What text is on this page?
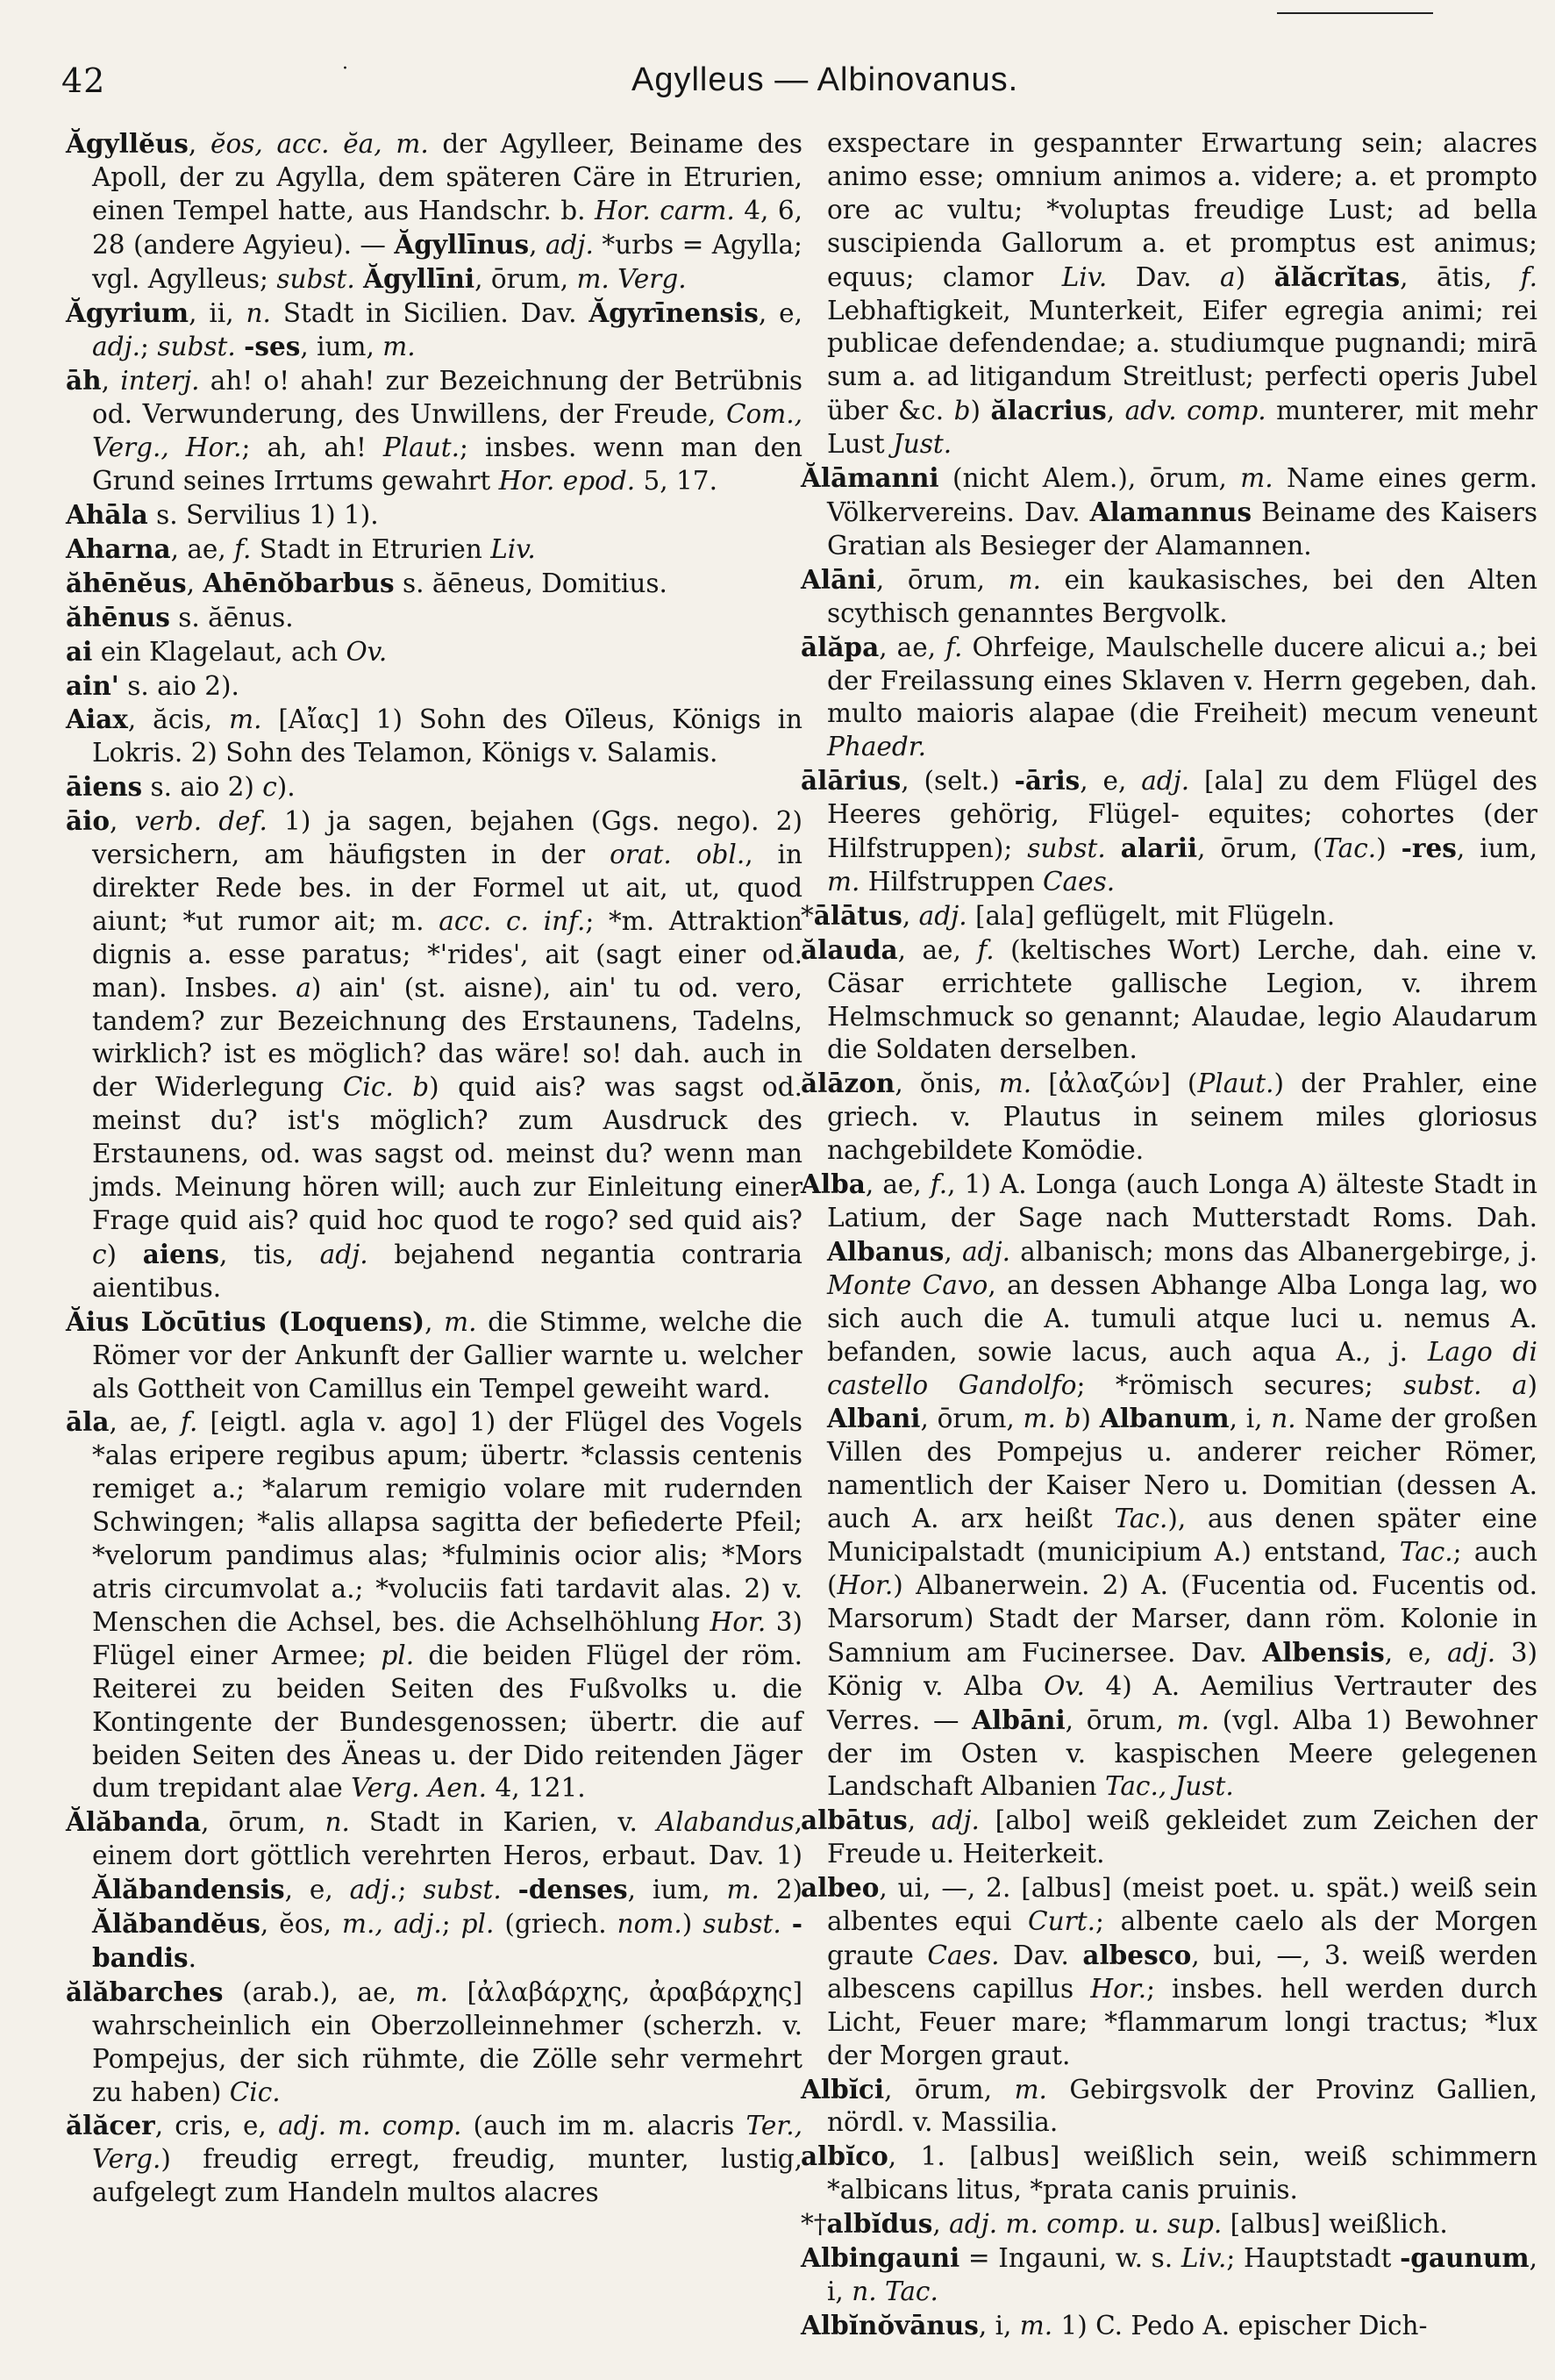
42	·	Agylleus — Albinovanus.

Ăgyllĕus, ĕos, acc. ĕa, m. der Agylleer, Beiname des Apoll, der zu Agylla, dem späteren Cäre in Etrurien, einen Tempel hatte, aus Handschr. b. Hor. carm. 4, 6, 28 (andere Agyieu). — Ăgyllīnus, adj. *urbs = Agylla; vgl. Agylleus; subst. Ăgyllīni, ōrum, m. Verg.

Ăgyrium, ii, n. Stadt in Sicilien. Dav. Ăgyrīnensis, e, adj.; subst. -ses, ium, m.

āh, interj. ah! o! ahah! zur Bezeichnung der Betrübnis od. Verwunderung, des Unwillens, der Freude, Com., Verg., Hor.; ah, ah! Plaut.; insbes. wenn man den Grund seines Irrtums gewahrt Hor. epod. 5, 17.

Ahāla s. Servilius 1) 1).

Aharna, ae, f. Stadt in Etrurien Liv.

ăhēnĕus, Ahēnŏbarbus s. ăēneus, Domitius.

ăhēnus s. ăēnus.

ai ein Klagelaut, ach Ov.

ain' s. aio 2).

Aiax, ăcis, m. [Αἴας] 1) Sohn des Oïleus, Königs in Lokris. 2) Sohn des Telamon, Königs v. Salamis.

āiens s. aio 2) c).

āio, verb. def. 1) ja sagen, bejahen (Ggs. nego). 2) versichern, am häufigsten in der orat. obl., in direkter Rede bes. in der Formel ut ait, ut, quod aiunt; *ut rumor ait; m. acc. c. inf.; *m. Attraktion dignis a. esse paratus; *'rides', ait (sagt einer od. man). Insbes. a) ain' (st. aisne), ain' tu od. vero, tandem? zur Bezeichnung des Erstaunens, Tadelns, wirklich? ist es möglich? das wäre! so! dah. auch in der Widerlegung Cic. b) quid ais? was sagst od. meinst du? ist's möglich? zum Ausdruck des Erstaunens, od. was sagst od. meinst du? wenn man jmds. Meinung hören will; auch zur Einleitung einer Frage quid ais? quid hoc quod te rogo? sed quid ais? c) aiens, tis, adj. bejahend negantia contraria aientibus.

Ăius Lŏcūtius (Loquens), m. die Stimme, welche die Römer vor der Ankunft der Gallier warnte u. welcher als Gottheit von Camillus ein Tempel geweiht ward.

āla, ae, f. [eigtl. agla v. ago] 1) der Flügel des Vogels *alas eripere regibus apum; übertr. *classis centenis remiget a.; *alarum remigio volare mit rudernden Schwingen; *alis allapsa sagitta der befiederte Pfeil; *velorum pandimus alas; *fulminis ocior alis; *Mors atris circumvolat a.; *voluciis fati tardavit alas. 2) v. Menschen die Achsel, bes. die Achselhöhlung Hor. 3) Flügel einer Armee; pl. die beiden Flügel der röm. Reiterei zu beiden Seiten des Fußvolks u. die Kontingente der Bundesgenossen; übertr. die auf beiden Seiten des Äneas u. der Dido reitenden Jäger dum trepidant alae Verg. Aen. 4, 121.

Ălăbanda, ōrum, n. Stadt in Karien, v. Alabandus, einem dort göttlich verehrten Heros, erbaut. Dav. 1) Ălăbandensis, e, adj.; subst. -denses, ium, m. 2) Ălăbandĕus, ĕos, m., adj.; pl. (griech. nom.) subst. -bandis.

ălăbarches (arab.), ae, m. [ἀλαβάρχης, ἀραβάρχης] wahrscheinlich ein Oberzolleinnehmer (scherzh. v. Pompejus, der sich rühmte, die Zölle sehr vermehrt zu haben) Cic.

ălăcer, cris, e, adj. m. comp. (auch im m. alacris Ter., Verg.) freudig erregt, freudig, munter, lustig, aufgelegt zum Handeln multos alacres

exspectare in gespannter Erwartung sein; alacres animo esse; omnium animos a. videre; a. et prompto ore ac vultu; *voluptas freudige Lust; ad bella suscipienda Gallorum a. et promptus est animus; equus; clamor Liv. Dav. a) ălăcrĭtas, ātis, f. Lebhaftigkeit, Munterkeit, Eifer egregia animi; rei publicae defendendae; a. studiumque pugnandi; mirā sum a. ad litigandum Streitlust; perfecti operis Jubel über &c. b) ălacrius, adv. comp. munterer, mit mehr Lust Just.

Ălāmanni (nicht Alem.), ōrum, m. Name eines germ. Völkervereins. Dav. Alamannus Beiname des Kaisers Gratian als Besieger der Alamannen.

Alāni, ōrum, m. ein kaukasisches, bei den Alten scythisch genanntes Bergvolk.

ālăpa, ae, f. Ohrfeige, Maulschelle ducere alicui a.; bei der Freilassung eines Sklaven v. Herrn gegeben, dah. multo maioris alapae (die Freiheit) mecum veneunt Phaedr.

ālārius, (selt.) -āris, e, adj. [ala] zu dem Flügel des Heeres gehörig, Flügel- equites; cohortes (der Hilfstruppen); subst. alarii, ōrum, (Tac.) -res, ium, m. Hilfstruppen Caes.

*ālātus, adj. [ala] geflügelt, mit Flügeln.

ălauda, ae, f. (keltisches Wort) Lerche, dah. eine v. Cäsar errichtete gallische Legion, v. ihrem Helmschmuck so genannt; Alaudae, legio Alaudarum die Soldaten derselben.

ălāzon, ŏnis, m. [ἀλαζών] (Plaut.) der Prahler, eine griech. v. Plautus in seinem miles gloriosus nachgebildete Komödie.

Alba, ae, f., 1) A. Longa (auch Longa A) älteste Stadt in Latium, der Sage nach Mutterstadt Roms. Dah. Albanus, adj. albanisch; mons das Albanergebirge, j. Monte Cavo, an dessen Abhange Alba Longa lag, wo sich auch die A. tumuli atque luci u. nemus A. befanden, sowie lacus, auch aqua A., j. Lago di castello Gandolfo; *römisch secures; subst. a) Albani, ōrum, m. b) Albanum, i, n. Name der großen Villen des Pompejus u. anderer reicher Römer, namentlich der Kaiser Nero u. Domitian (dessen A. auch A. arx heißt Tac.), aus denen später eine Municipalstadt (municipium A.) entstand, Tac.; auch (Hor.) Albanerwein. 2) A. (Fucentia od. Fucentis od. Marsorum) Stadt der Marser, dann röm. Kolonie in Samnium am Fucinersee. Dav. Albensis, e, adj. 3) König v. Alba Ov. 4) A. Aemilius Vertrauter des Verres. — Albāni, ōrum, m. (vgl. Alba 1) Bewohner der im Osten v. kaspischen Meere gelegenen Landschaft Albanien Tac., Just.

albātus, adj. [albo] weiß gekleidet zum Zeichen der Freude u. Heiterkeit.

albeo, ui, —, 2. [albus] (meist poet. u. spät.) weiß sein albentes equi Curt.; albente caelo als der Morgen graute Caes. Dav. albesco, bui, —, 3. weiß werden albescens capillus Hor.; insbes. hell werden durch Licht, Feuer mare; *flammarum longi tractus; *lux der Morgen graut.

Albĭci, ōrum, m. Gebirgsvolk der Provinz Gallien, nördl. v. Massilia.

albĭco, 1. [albus] weißlich sein, weiß schimmern *albicans litus, *prata canis pruinis.

*†albĭdus, adj. m. comp. u. sup. [albus] weißlich.

Albingauni = Ingauni, w. s. Liv.; Hauptstadt -gaunum, i, n. Tac.

Albĭnŏvānus, i, m. 1) C. Pedo A. epischer Dich-
